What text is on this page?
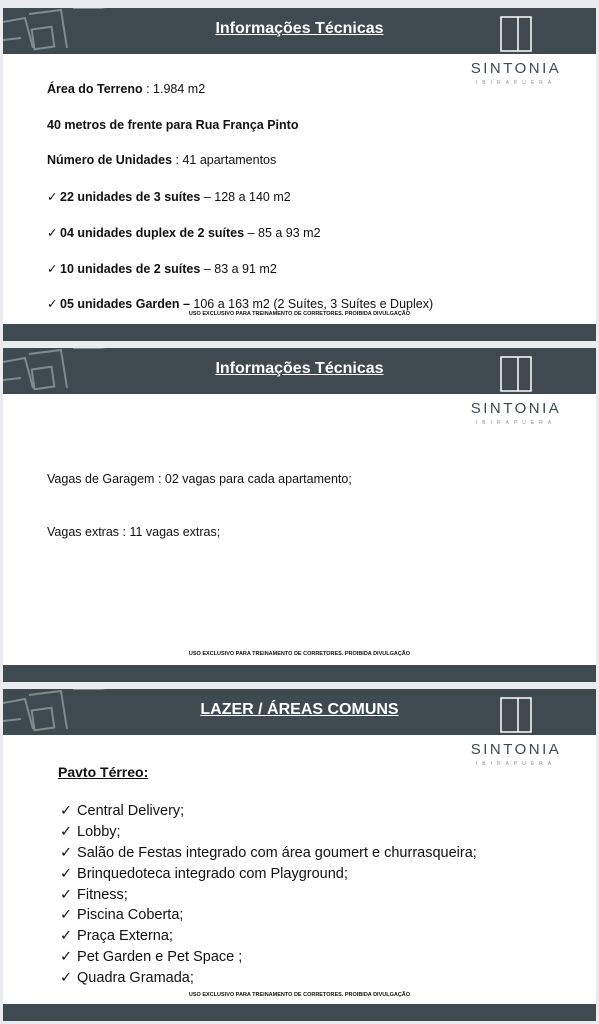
Informações Técnicas
SINTONIA
IBIRAPUERA
Área do Terreno : 1.984 m2
40 metros de frente para Rua França Pinto
Número de Unidades : 41 apartamentos
✓ 22 unidades de 3 suítes – 128 a 140 m2
✓ 04 unidades duplex de 2 suítes – 85 a 93 m2
✓ 10 unidades de 2 suítes – 83 a 91 m2
✓ 05 unidades Garden – 106 a 163 m2 (2 Suítes, 3 Suítes e Duplex)
USO EXCLUSIVO PARA TREINAMENTO DE CORRETORES. PROIBIDA DIVULGAÇÃO
Informações Técnicas
SINTONIA
IBIRAPUERA
Vagas de Garagem : 02 vagas para cada apartamento;
Vagas extras : 11 vagas extras;
USO EXCLUSIVO PARA TREINAMENTO DE CORRETORES. PROIBIDA DIVULGAÇÃO
LAZER / ÁREAS COMUNS
SINTONIA
IBIRAPUERA
Pavto Térreo:
✓ Central Delivery;
✓ Lobby;
✓ Salão de Festas integrado com área goumert e churrasqueira;
✓ Brinquedoteca integrado com Playground;
✓ Fitness;
✓ Piscina Coberta;
✓ Praça Externa;
✓ Pet Garden e Pet Space ;
✓ Quadra Gramada;
USO EXCLUSIVO PARA TREINAMENTO DE CORRETORES. PROIBIDA DIVULGAÇÃO
